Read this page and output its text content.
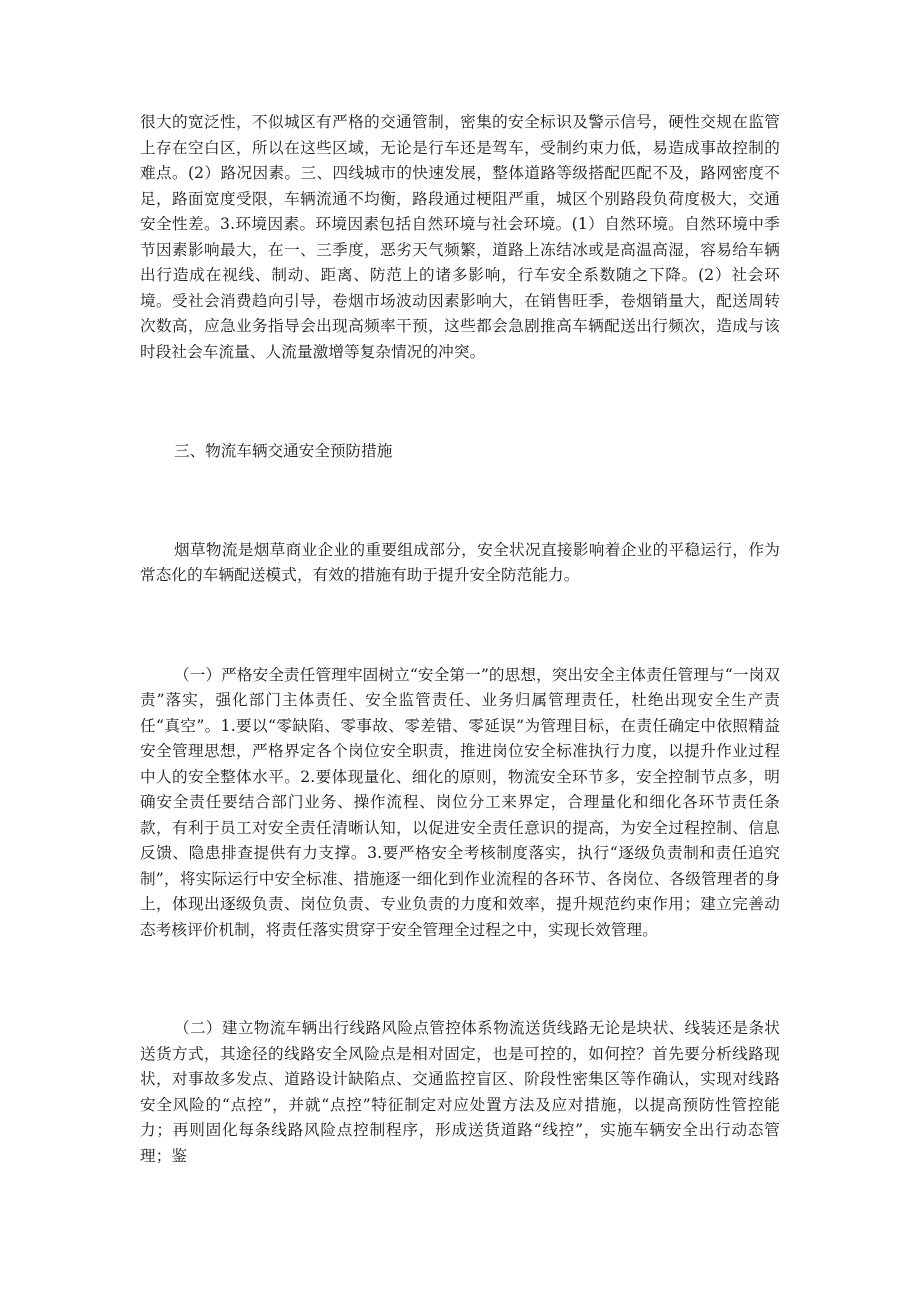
很大的宽泛性，不似城区有严格的交通管制，密集的安全标识及警示信号，硬性交规在监管上存在空白区，所以在这些区域，无论是行车还是驾车，受制约束力低，易造成事故控制的难点。(2）路况因素。三、四线城市的快速发展，整体道路等级搭配匹配不及，路网密度不足，路面宽度受限，车辆流通不均衡，路段通过梗阻严重，城区个别路段负荷度极大，交通安全性差。3.环境因素。环境因素包括自然环境与社会环境。(1）自然环境。自然环境中季节因素影响最大，在一、三季度，恶劣天气频繁，道路上冻结冰或是高温高湿，容易给车辆出行造成在视线、制动、距离、防范上的诸多影响，行车安全系数随之下降。(2）社会环境。受社会消费趋向引导，卷烟市场波动因素影响大，在销售旺季，卷烟销量大，配送周转次数高，应急业务指导会出现高频率干预，这些都会急剧推高车辆配送出行频次，造成与该时段社会车流量、人流量激增等复杂情况的冲突。

三、物流车辆交通安全预防措施

烟草物流是烟草商业企业的重要组成部分，安全状况直接影响着企业的平稳运行，作为常态化的车辆配送模式，有效的措施有助于提升安全防范能力。

（一）严格安全责任管理牢固树立“安全第一”的思想，突出安全主体责任管理与“一岗双责”落实，强化部门主体责任、安全监管责任、业务归属管理责任，杜绝出现安全生产责任“真空”。1.要以“零缺陷、零事故、零差错、零延误”为管理目标，在责任确定中依照精益安全管理思想，严格界定各个岗位安全职责，推进岗位安全标准执行力度，以提升作业过程中人的安全整体水平。2.要体现量化、细化的原则，物流安全环节多，安全控制节点多，明确安全责任要结合部门业务、操作流程、岗位分工来界定，合理量化和细化各环节责任条款，有利于员工对安全责任清晰认知，以促进安全责任意识的提高，为安全过程控制、信息反馈、隐患排查提供有力支撑。3.要严格安全考核制度落实，执行“逐级负责制和责任追究制”，将实际运行中安全标准、措施逐一细化到作业流程的各环节、各岗位、各级管理者的身上，体现出逐级负责、岗位负责、专业负责的力度和效率，提升规范约束作用；建立完善动态考核评价机制，将责任落实贯穿于安全管理全过程之中，实现长效管理。

（二）建立物流车辆出行线路风险点管控体系物流送货线路无论是块状、线装还是条状送货方式，其途径的线路安全风险点是相对固定，也是可控的，如何控？首先要分析线路现状，对事故多发点、道路设计缺陷点、交通监控盲区、阶段性密集区等作确认，实现对线路安全风险的“点控”，并就“点控”特征制定对应处置方法及应对措施，以提高预防性管控能力；再则固化每条线路风险点控制程序，形成送货道路“线控”，实施车辆安全出行动态管理；鉴
